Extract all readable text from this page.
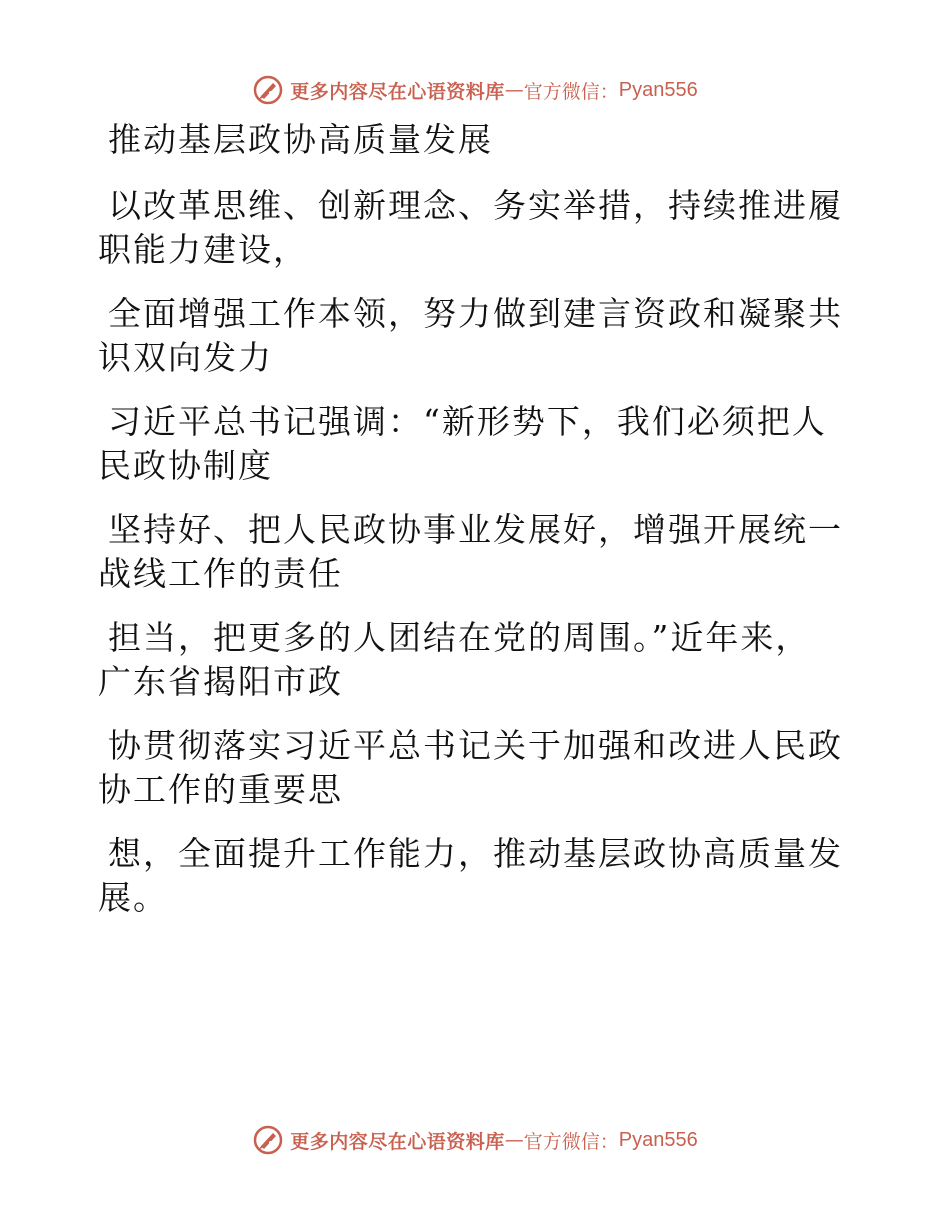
更多内容尽在心语资料库 — 官方微信： Pyan556
推动基层政协高质量发展
以改革思维、创新理念、务实举措，持续推进履
职能力建设，
全面增强工作本领，努力做到建言资政和凝聚共
识双向发力
习近平总书记强调：“新形势下，我们必须把人
民政协制度
坚持好、把人民政协事业发展好，增强开展统一
战线工作的责任
担当，把更多的人团结在党的周围。”近年来，
广东省揭阳市政
协贯彻落实习近平总书记关于加强和改进人民政
协工作的重要思
想，全面提升工作能力，推动基层政协高质量发
展。
更多内容尽在心语资料库 — 官方微信： Pyan556
